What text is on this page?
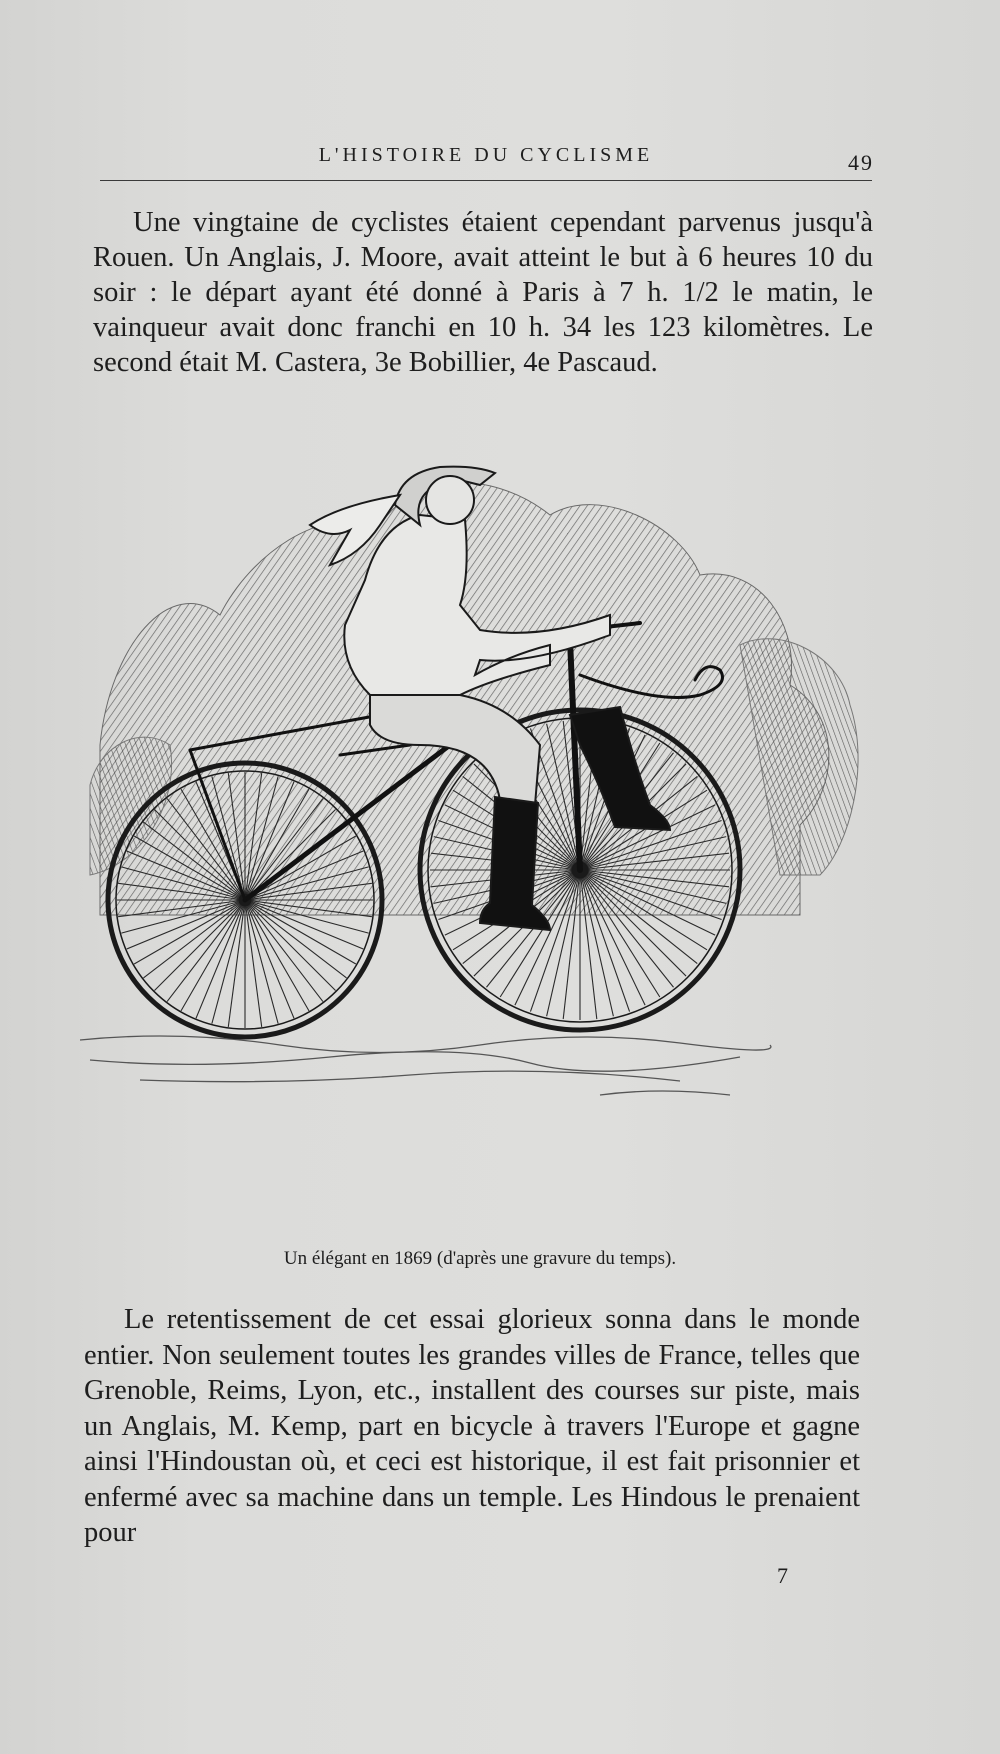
L'HISTOIRE DU CYCLISME	49

Une vingtaine de cyclistes étaient cependant parvenus jusqu'à Rouen. Un Anglais, J. Moore, avait atteint le but à 6 heures 10 du soir : le départ ayant été donné à Paris à 7 h. 1/2 le matin, le vainqueur avait donc franchi en 10 h. 34 les 123 kilomètres. Le second était M. Castera, 3e Bobillier, 4e Pascaud.

Un élégant en 1869 (d'après une gravure du temps).

Le retentissement de cet essai glorieux sonna dans le monde entier. Non seulement toutes les grandes villes de France, telles que Grenoble, Reims, Lyon, etc., installent des courses sur piste, mais un Anglais, M. Kemp, part en bicycle à travers l'Europe et gagne ainsi l'Hindoustan où, et ceci est historique, il est fait prisonnier et enfermé avec sa machine dans un temple. Les Hindous le prenaient pour

7
